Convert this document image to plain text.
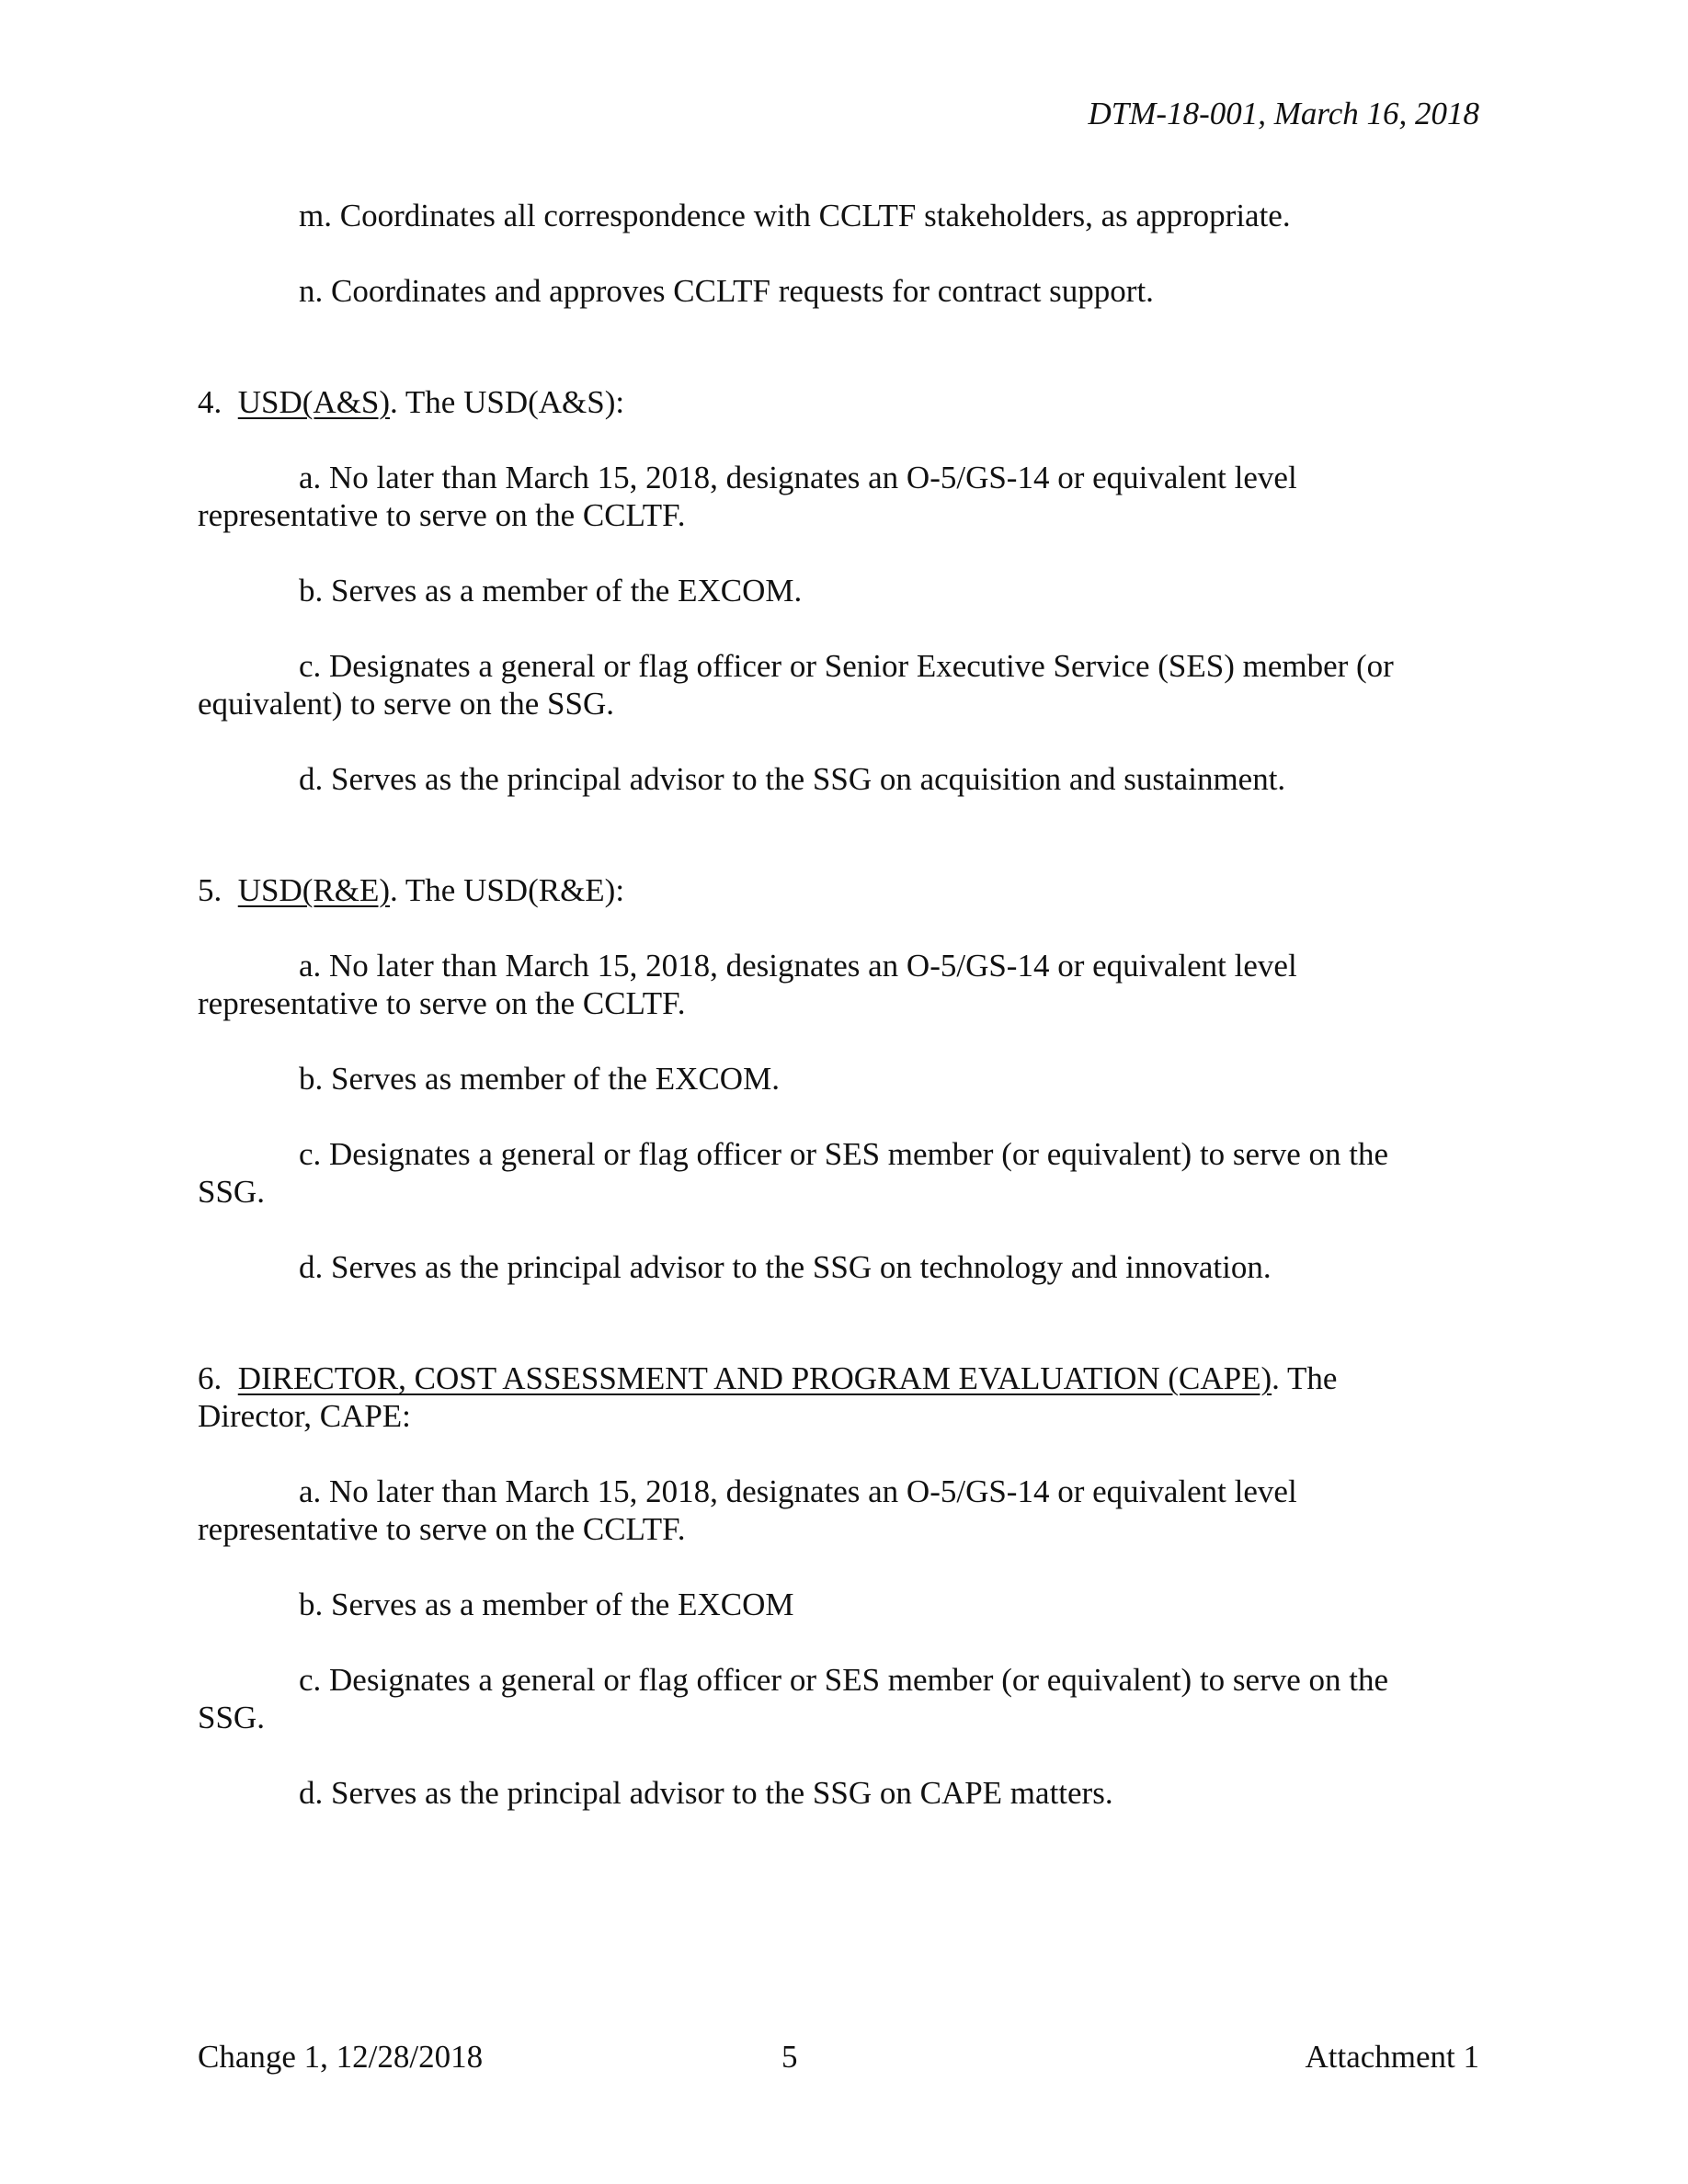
DTM-18-001, March 16, 2018
m. Coordinates all correspondence with CCLTF stakeholders, as appropriate.
n. Coordinates and approves CCLTF requests for contract support.
4. USD(A&S). The USD(A&S):
a. No later than March 15, 2018, designates an O-5/GS-14 or equivalent level
representative to serve on the CCLTF.
b. Serves as a member of the EXCOM.
c. Designates a general or flag officer or Senior Executive Service (SES) member (or
equivalent) to serve on the SSG.
d. Serves as the principal advisor to the SSG on acquisition and sustainment.
5. USD(R&E). The USD(R&E):
a. No later than March 15, 2018, designates an O-5/GS-14 or equivalent level
representative to serve on the CCLTF.
b. Serves as member of the EXCOM.
c. Designates a general or flag officer or SES member (or equivalent) to serve on the
SSG.
d. Serves as the principal advisor to the SSG on technology and innovation.
6. DIRECTOR, COST ASSESSMENT AND PROGRAM EVALUATION (CAPE). The
Director, CAPE:
a. No later than March 15, 2018, designates an O-5/GS-14 or equivalent level
representative to serve on the CCLTF.
b. Serves as a member of the EXCOM
c. Designates a general or flag officer or SES member (or equivalent) to serve on the
SSG.
d. Serves as the principal advisor to the SSG on CAPE matters.
Change 1, 12/28/2018	5	Attachment 1
